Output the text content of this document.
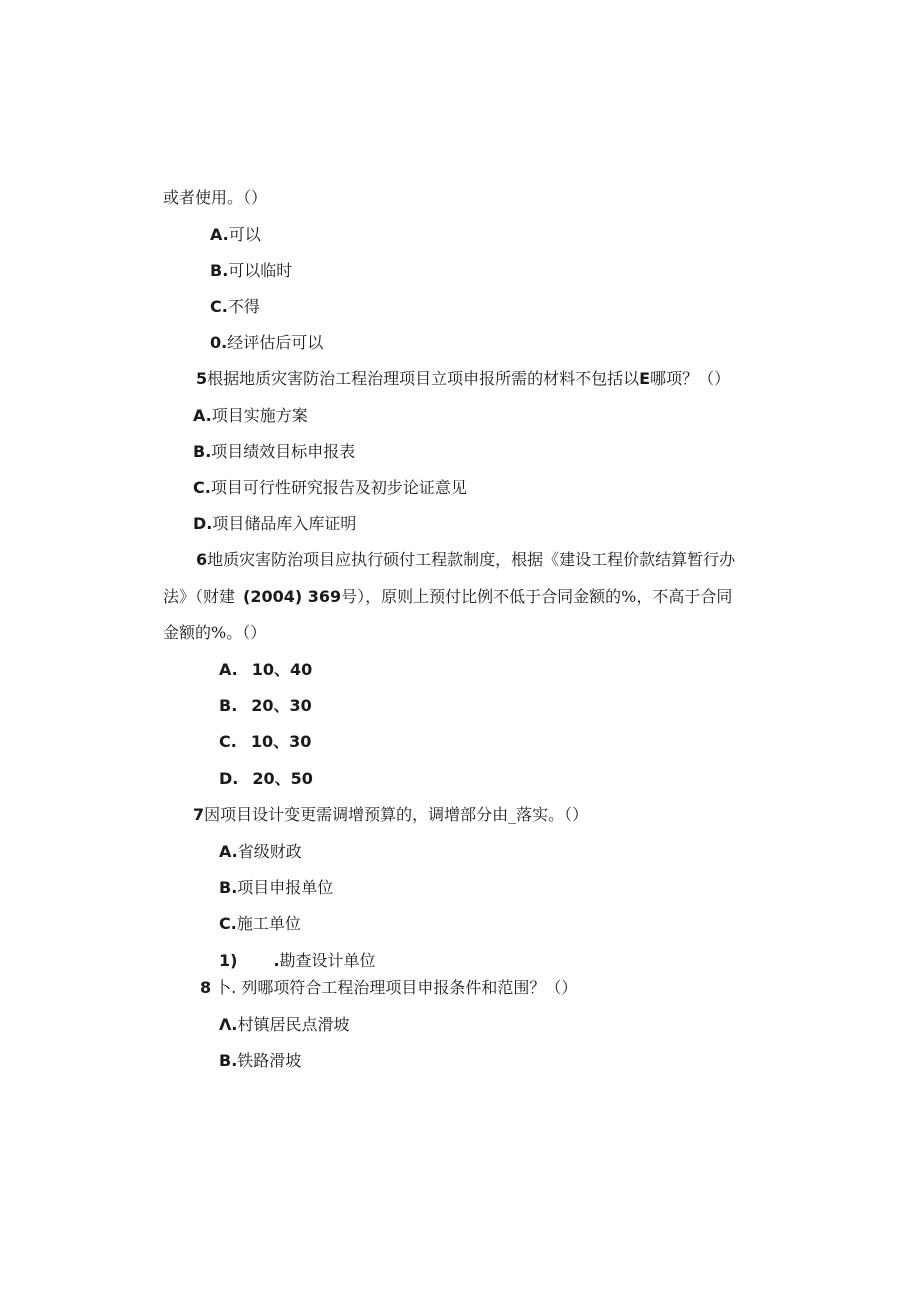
或者使用。（）
A.可以
B.可以临时
C.不得
0.经评估后可以
5根据地质灾害防治工程治理项目立项申报所需的材料不包括以E哪项？（）
A.项目实施方案
B.项目绩效目标申报表
C.项目可行性研究报告及初步论证意见
D.项目储品库入库证明
6地质灾害防治项目应执行硕付工程款制度，根据《建设工程价款结算暂行办
法》（财建 (2004) 369号），原则上预付比例不低于合同金额的%，不高于合同
金额的%。（）
A. 10、40
B. 20、30
C. 10、30
D. 20、50
7因项目设计变更需调增预算的，调增部分由_落实。（）
A.省级财政
B.项目申报单位
C.施工单位
1) .勘查设计单位
8 卜. 列哪项符合工程治理项目申报条件和范围？（）
Λ.村镇居民点滑坡
B.铁路滑坡
